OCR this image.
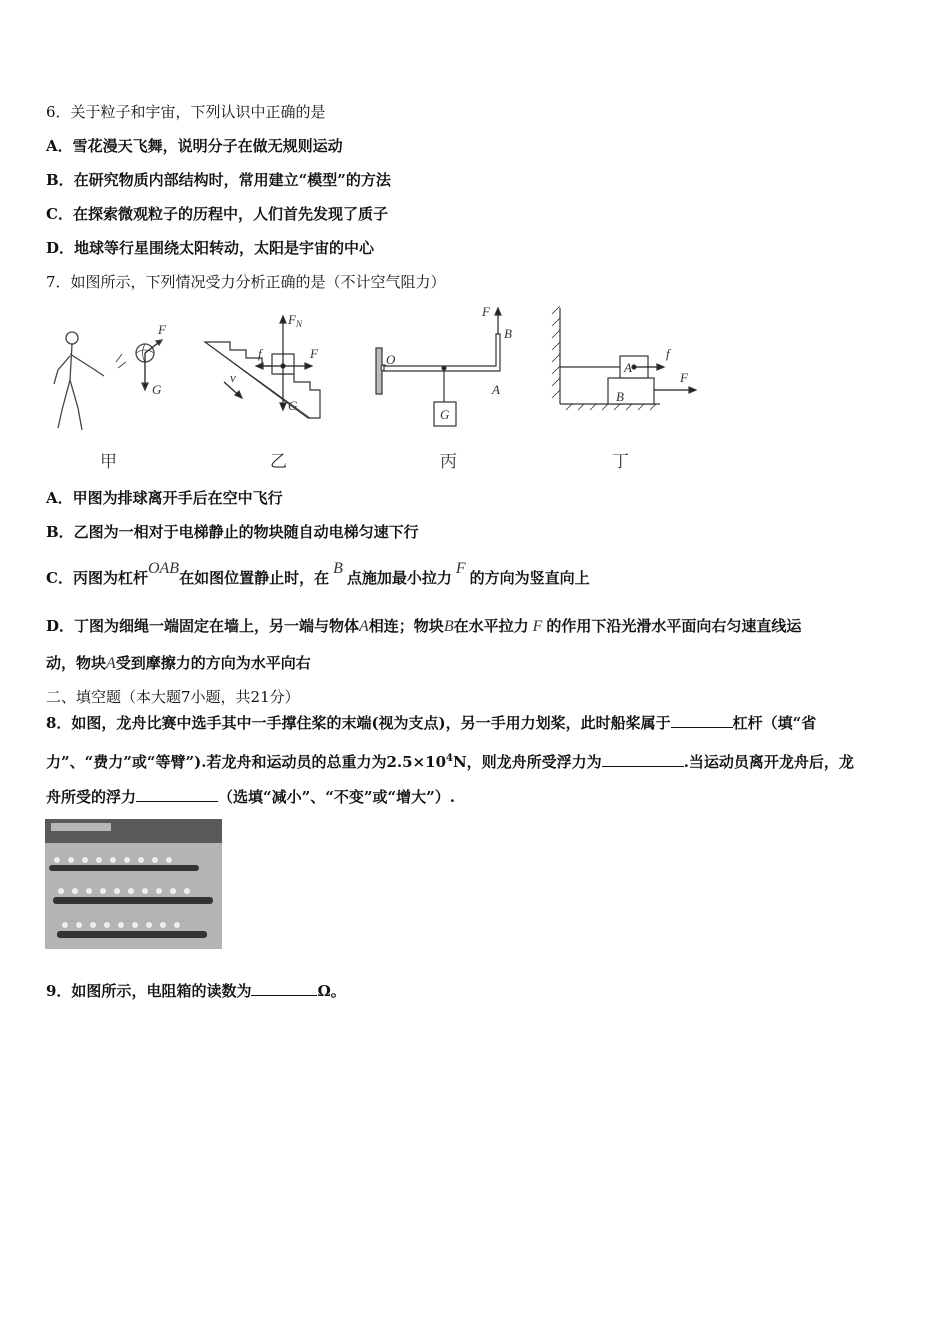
6．关于粒子和宇宙，下列认识中正确的是
A．雪花漫天飞舞，说明分子在做无规则运动
B．在研究物质内部结构时，常用建立“模型”的方法
C．在探索微观粒子的历程中，人们首先发现了质子
D．地球等行星围绕太阳转动，太阳是宇宙的中心
7．如图所示，下列情况受力分析正确的是（不计空气阻力）
F
G
$F_N$
F
f
G
v
F
B
O
A
G
f
A
F
B
甲	乙	丙	丁
A．甲图为排球离开手后在空中飞行
B．乙图为一相对于电梯静止的物块随自动电梯匀速下行
C．丙图为杠杆OAB在如图位置静止时，在B点施加最小拉力F的方向为竖直向上
D．丁图为细绳一端固定在墙上，另一端与物体A相连；物块B在水平拉力 F 的作用下沿光滑水平面向右匀速直线运
动，物块A受到摩擦力的方向为水平向右
二、填空题（本大题7小题，共21分）
8．如图，龙舟比赛中选手其中一手撑住桨的末端(视为支点)，另一手用力划桨，此时船桨属于	杠杆（填“省
力”、“费力”或“等臂”).若龙舟和运动员的总重力为$2.5\times 10^4N$，则龙舟所受浮力为	.当运动员离开龙舟后，龙
舟所受的浮力	（选填“减小”、“不变”或“增大”）.
9．如图所示，电阻箱的读数为	Ω。
